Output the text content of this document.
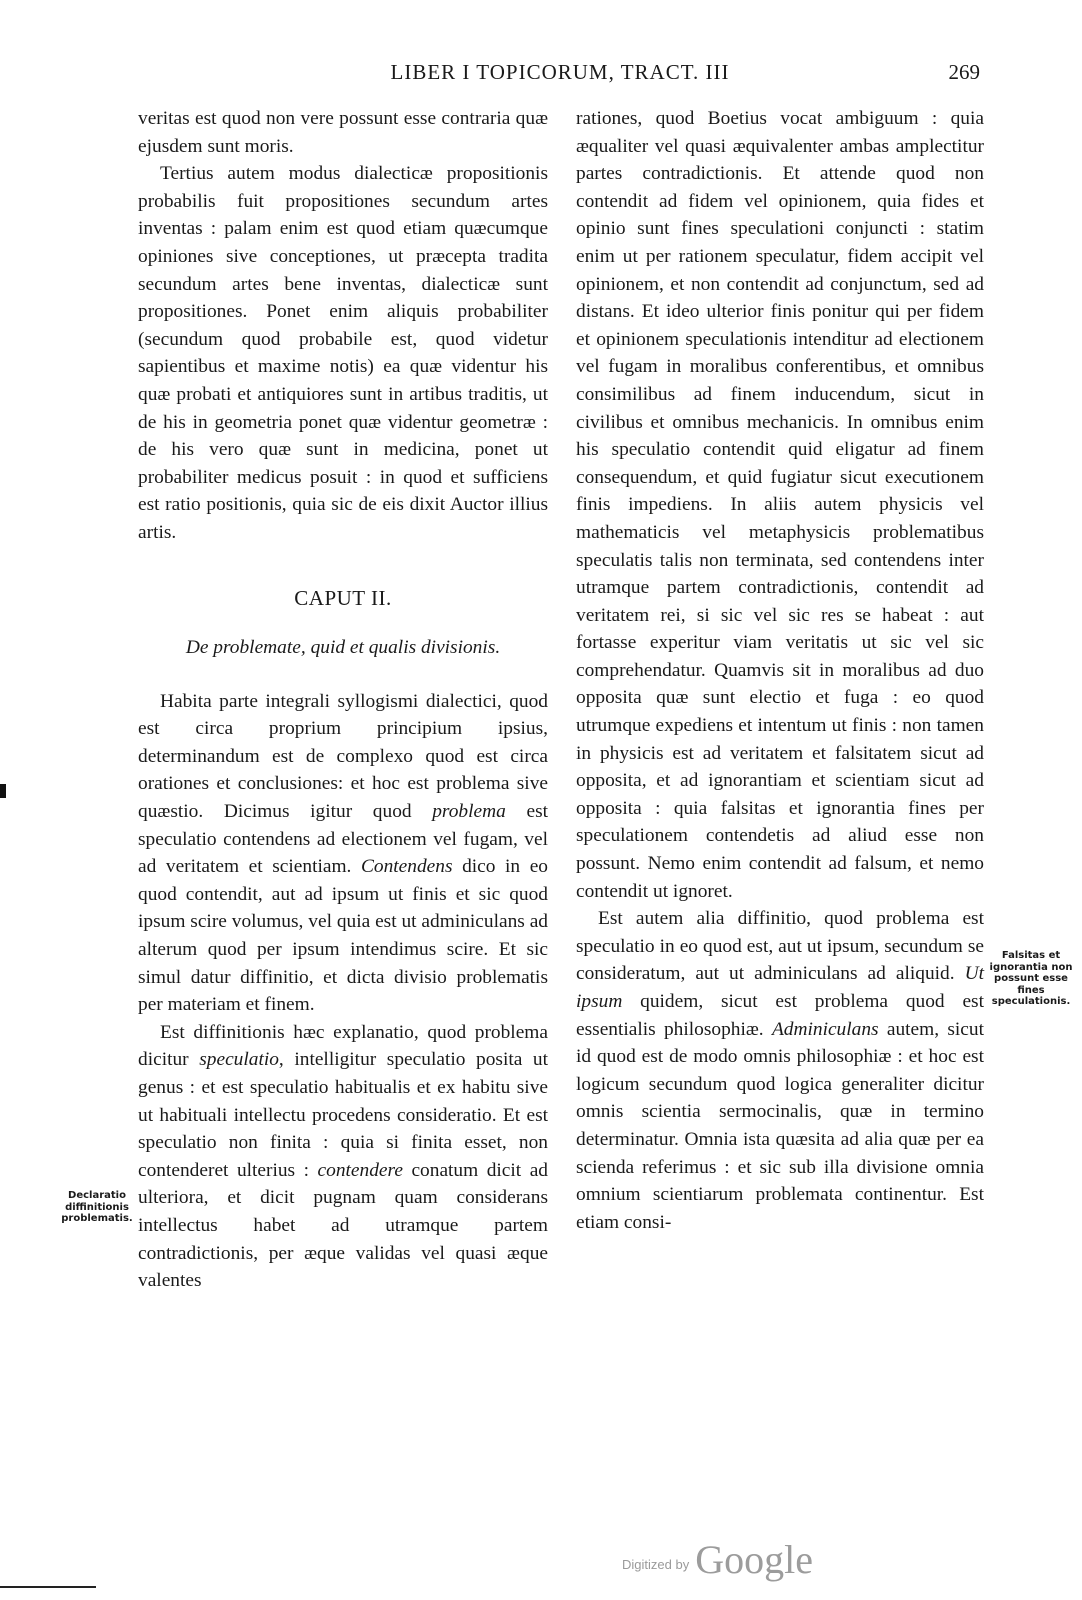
LIBER I TOPICORUM, TRACT. III	269

veritas est quod non vere possunt esse contraria quæ ejusdem sunt moris.

Tertius autem modus dialecticæ propositionis probabilis fuit propositiones secundum artes inventas : palam enim est quod etiam quæcumque opiniones sive conceptiones, ut præcepta tradita secundum artes bene inventas, dialecticæ sunt propositiones. Ponet enim aliquis probabiliter (secundum quod probabile est, quod videtur sapientibus et maxime notis) ea quæ videntur his quæ probati et antiquiores sunt in artibus traditis, ut de his in geometria ponet quæ videntur geometræ : de his vero quæ sunt in medicina, ponet ut probabiliter medicus posuit : in quod et sufficiens est ratio positionis, quia sic de eis dixit Auctor illius artis.

CAPUT II.
De problemate, quid et qualis divisionis.

Habita parte integrali syllogismi dialectici, quod est circa proprium principium ipsius, determinandum est de complexo quod est circa orationes et conclusiones: et hoc est problema sive quæstio. Dicimus igitur quod problema est speculatio contendens ad electionem vel fugam, vel ad veritatem et scientiam. Contendens dico in eo quod contendit, aut ad ipsum ut finis et sic quod ipsum scire volumus, vel quia est ut adminiculans ad alterum quod per ipsum intendimus scire. Et sic simul datur diffinitio, et dicta divisio problematis per materiam et finem.

Est diffinitionis hæc explanatio, quod problema dicitur speculatio, intelligitur speculatio posita ut genus : et est speculatio habitualis et ex habitu sive ut habituali intellectu procedens consideratio. Et est speculatio non finita : quia si finita esset, non contenderet ulterius : contendere conatum dicit ad ulteriora, et dicit pugnam quam considerans intellectus habet ad utramque partem contradictionis, per æque validas vel quasi æque valentes

rationes, quod Boetius vocat ambiguum : quia æqualiter vel quasi æquivalenter ambas amplectitur partes contradictionis. Et attende quod non contendit ad fidem vel opinionem, quia fides et opinio sunt fines speculationi conjuncti : statim enim ut per rationem speculatur, fidem accipit vel opinionem, et non contendit ad conjunctum, sed ad distans. Et ideo ulterior finis ponitur qui per fidem et opinionem speculationis intenditur ad electionem vel fugam in moralibus conferentibus, et omnibus consimilibus ad finem inducendum, sicut in civilibus et omnibus mechanicis. In omnibus enim his speculatio contendit quid eligatur ad finem consequendum, et quid fugiatur sicut executionem finis impediens. In aliis autem physicis vel mathematicis vel metaphysicis problematibus speculatis talis non terminata, sed contendens inter utramque partem contradictionis, contendit ad veritatem rei, si sic vel sic res se habeat : aut fortasse experitur viam veritatis ut sic vel sic comprehendatur. Quamvis sit in moralibus ad duo opposita quæ sunt electio et fuga : eo quod utrumque expediens et intentum ut finis : non tamen in physicis est ad veritatem et falsitatem sicut ad opposita, et ad ignorantiam et scientiam sicut ad opposita : quia falsitas et ignorantia fines per speculationem contendetis ad aliud esse non possunt. Nemo enim contendit ad falsum, et nemo contendit ut ignoret.

Est autem alia diffinitio, quod problema est speculatio in eo quod est, aut ut ipsum, secundum se consideratum, aut ut adminiculans ad aliquid. Ut ipsum quidem, sicut est problema quod est essentialis philosophiæ. Adminiculans autem, sicut id quod est de modo omnis philosophiæ : et hoc est logicum secundum quod logica generaliter dicitur omnis scientia sermocinalis, quæ in termino determinatur. Omnia ista quæsita ad alia quæ per ea scienda referimus : et sic sub illa divisione omnia omnium scientiarum problemata continentur. Est etiam consi-

Declaratio diffinitionis problematis.
Falsitas et ignorantia non possunt esse fines speculationis.
Digitized by Google
